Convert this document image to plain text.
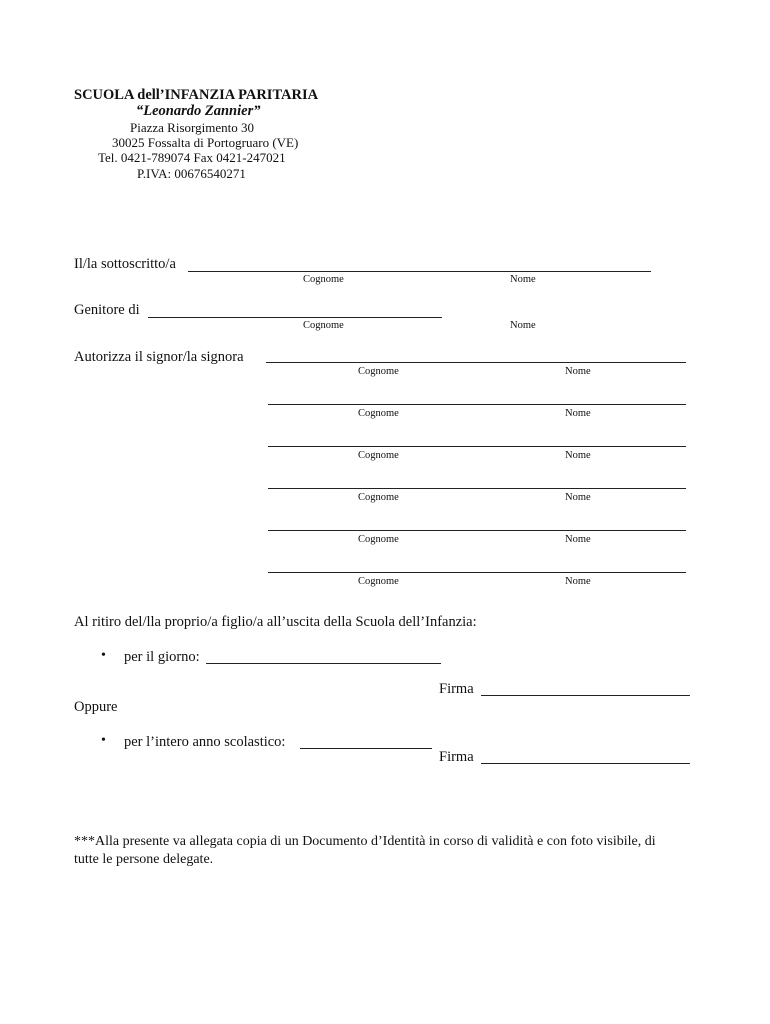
SCUOLA dell’INFANZIA PARITARIA
“Leonardo Zannier”
Piazza Risorgimento 30
30025 Fossalta di Portogruaro (VE)
Tel. 0421-789074 Fax 0421-247021
P.IVA: 00676540271
Il/la sottoscritto/a
Cognome	Nome
Genitore di
Cognome	Nome
Autorizza il signor/la signora
Cognome	Nome
Cognome	Nome
Cognome	Nome
Cognome	Nome
Cognome	Nome
Cognome	Nome
Al ritiro del/lla proprio/a figlio/a all’uscita della Scuola dell’Infanzia:
• per il giorno:
Firma
Oppure
• per l’intero anno scolastico:
Firma
***Alla presente va allegata copia di un Documento d’Identità in corso di validità e con foto visibile, di tutte le persone delegate.
